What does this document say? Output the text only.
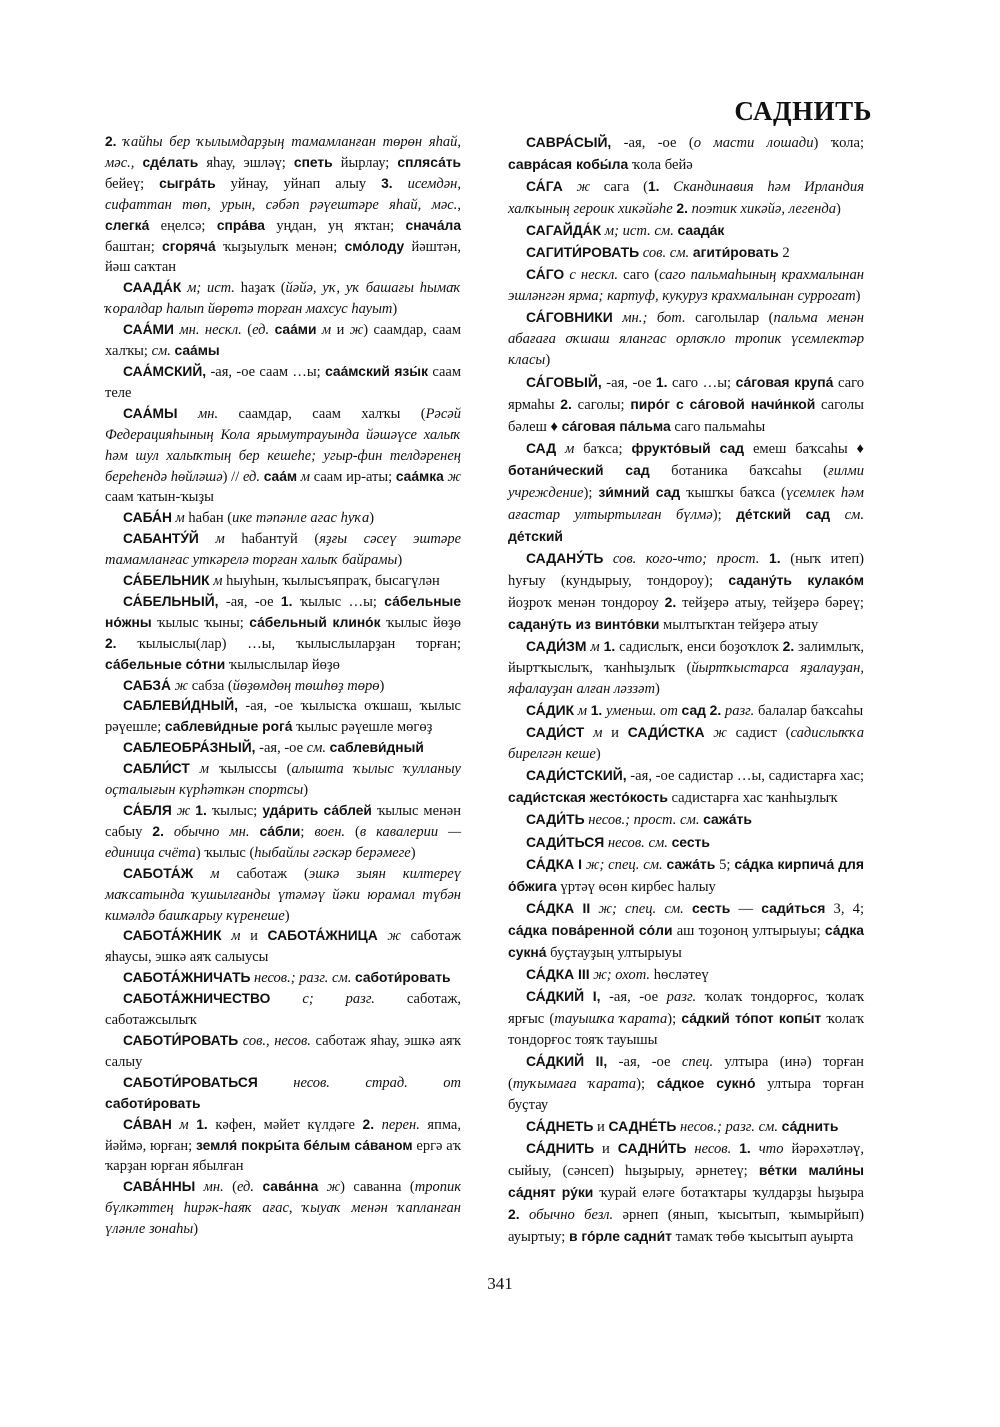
САДНИТЬ

2. ҡайһы бер ҡылымдарҙың тамамланған төрөн яһай, мәс., сде́лать яһау, эшләү; спеть йырлау; спляса́ть бейеү; сыгра́ть уйнау, уйнап алыу 3. исемдән, сифаттан төп, урын, сәбәп рәүештәре яһай, мәс., слегка́ еңелсә; спра́ва уңдан, уң яҡтан; снача́ла баштан; сгоряча́ ҡыҙыулыҡ менән; смо́лоду йәштән, йәш саҡтан

СААДА́К м; ист. һаҙаҡ (йәйә, уҡ, уҡ башағы һымаҡ ҡоралдар һалып йөрөтә торған махсус һауыт)

САА́МИ мн. нескл. (ед. саа́ми м и ж) саамдар, саам халҡы; см. саа́мы

САА́МСКИЙ, -ая, -ое саам …ы; саа́мский язы́к саам теле

САА́МЫ мн. саамдар, саам халҡы (Рәсәй Федерацияһының Кола ярымутрауында йәшәүсе халыҡ һәм шул халыҡтың бер кешеһе; угыр-фин телдәренең береһендә һөйләшә) // ед. саа́м м саам ир-аты; саа́мка ж саам ҡатын-ҡыҙы

САБА́Н м һабан (ике тәпәнле агас һуҡа)

САБАНТУ́Й м һабантуй (яҙғы сәсеү эштәре тамамланғас уткәрелә торған халыҡ байрамы)

СА́БЕЛЬНИК м һыуһын, ҡылысъяпраҡ, бысагүлән

СА́БЕЛЬНЫЙ, -ая, -ое 1. ҡылыс …ы; са́бельные но́жны ҡылыс ҡыны; са́бельный клино́к ҡылыс йөҙө 2. ҡылыслы(лар) …ы, ҡылыслыларҙан торған; са́бельные со́тни ҡылыслылар йөҙө

САБЗА́ ж сабза (йөҙөмдөң төшһөҙ төрө)

САБЛЕВИ́ДНЫЙ, -ая, -ое ҡылысҡа оҡшаш, ҡылыс рәүешле; саблеви́дные рога́ ҡылыс рәүешле мөгөҙ

САБЛЕОБРА́ЗНЫЙ, -ая, -ое см. саблеви́дный

САБЛИ́СТ м ҡылыссы (алышта ҡылыс ҡулланыу оҫталығын күрһәткән спортсы)

СА́БЛЯ ж 1. ҡылыс; уда́рить са́блей ҡылыс менән сабыу 2. обычно мн. са́бли; воен. (в кавалерии — единица счёта) ҡылыс (һыбайлы гәскәр берәмеге)

САБОТА́Ж м саботаж (эшкә зыян килтереү маҡсатында ҡушылғанды үтәмәү йәки юрамал түбән кимәлдә башҡарыу күренеше)

САБОТА́ЖНИК м и САБОТА́ЖНИЦА ж саботаж яһаусы, эшкә аяҡ салыусы

САБОТА́ЖНИЧАТЬ несов.; разг. см. саботи́ровать

САБОТА́ЖНИЧЕСТВО с; разг. саботаж, саботажсылыҡ

САБОТИ́РОВАТЬ сов., несов. саботаж яһау, эшкә аяҡ салыу

САБОТИ́РОВАТЬСЯ несов. страд. от саботи́ровать

СА́ВАН м 1. кәфен, мәйет күлдәге 2. перен. япма, йәймә, юрған; земля́ покры́та бе́лым са́ваном ергә аҡ ҡарҙан юрған ябылған

САВА́ННЫ мн. (ед. сава́нна ж) саванна (тропик бүлкәттең һирәк-һаяҡ ағас, ҡыуаҡ менән ҡапланған үләнле зонаһы)

САВРА́СЫЙ, -ая, -ое (о масти лошади) ҡола; савра́сая кобы́ла ҡола бейә

СА́ГА ж сага (1. Скандинавия һәм Ирландия халҡының героик хикәйәһе 2. поэтик хикәйә, легенда)

САГАЙДА́К м; ист. см. саада́к

САГИТИ́РОВАТЬ сов. см. агити́ровать 2

СА́ГО с нескл. саго (саго пальмаһының крахмалынан эшләнгән ярма; картуф, кукуруз крахмалынан суррогат)

СА́ГОВНИКИ мн.; бот. саголылар (пальма менән абағаға оҡшаш ялангас орлоҡло тропик үсемлектәр класы)

СА́ГОВЫЙ, -ая, -ое 1. саго …ы; са́говая крупа́ саго ярмаһы 2. саголы; пиро́г с са́говой начи́нкой саголы бәлеш ♦ са́говая па́льма саго пальмаһы

САД м баҡса; фрукто́вый сад емеш баҡсаһы ♦ ботани́ческий сад ботаника баҡсаһы (ғилми учреждение); зи́мний сад ҡышҡы баҡса (үсемлек һәм ағастар ултыртылған бүлмә); де́тский сад см. де́тский

САДАНУ́ТЬ сов. кого-что; прост. 1. (ныҡ итеп) һуғыу (кундырыу, тондороу); садану́ть кулако́м йоҙроҡ менән тондороу 2. тейҙерә атыу, тейҙерә бәреү; садану́ть из винто́вки мылтыҡтан тейҙерә атыу

САДИ́ЗМ м 1. садислыҡ, енси боҙоҡлоҡ 2. залимлыҡ, йыртҡыслыҡ, ҡанһыҙлыҡ (йыртҡыстарса яҙалауҙан, яфалауҙан алған ләззәт)

СА́ДИК м 1. уменьш. от сад 2. разг. балалар баҡсаһы

САДИ́СТ м и САДИ́СТКА ж садист (садислыҡҡа бирелгән кеше)

САДИ́СТСКИЙ, -ая, -ое садистар …ы, садистарға хас; сади́стская жесто́кость садистарға хас ҡанһыҙлыҡ

САДИ́ТЬ несов.; прост. см. сажа́ть

САДИ́ТЬСЯ несов. см. сесть

СА́ДКА I ж; спец. см. сажа́ть 5; са́дка кирпича́ для о́бжига үртәү өсөн кирбес һалыу

СА́ДКА II ж; спец. см. сесть — сади́ться 3, 4; са́дка пова́ренной со́ли аш тоҙоноң ултырыуы; са́дка сукна́ буҫтауҙың ултырыуы

СА́ДКА III ж; охот. һөсләтеү

СА́ДКИЙ I, -ая, -ое разг. ҡолаҡ тондорғос, ҡолаҡ ярғыс (тауышҡа ҡарата); са́дкий то́пот копы́т ҡолаҡ тондорғос тояҡ тауышы

СА́ДКИЙ II, -ая, -ое спец. ултыра (инә) торған (туҡымаға ҡарата); са́дкое сукно́ ултыра торған буҫтау

СА́ДНЕТЬ и САДНЕ́ТЬ несов.; разг. см. са́днить

СА́ДНИТЬ и САДНИ́ТЬ несов. 1. что йәрәхәтләү, сыйыу, (сәнсеп) һыҙырыу, әрнетеү; ве́тки мали́ны са́днят ру́ки ҡурай еләге ботаҡтары ҡулдарҙы һыҙыра 2. обычно безл. әрнеп (янып, ҡысытып, ҡымырйып) ауыртыу; в го́рле садни́т тамаҡ төбө ҡысытып ауырта

341
